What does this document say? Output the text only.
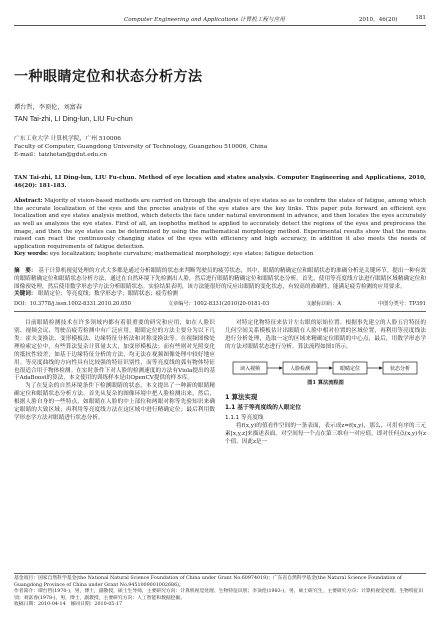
Computer Engineering and Applications 计算机工程与应用	2010，46(20)	181
一种眼睛定位和状态分析方法
谭台哲，李顶伦，刘富春
TAN Tai-zhi, LI Ding-lun, LIU Fu-chun

广东工业大学 计算机学院，广州 510006

Faculty of Computer, Guangdong University of Technology, Guangzhou 510006, China

E-mail：taizhetan@gdut.edu.cn

TAN Tai-zhi, LI Ding-lun, LIU Fu-chun. Method of eye location and states analysis. Computer Engineering and Applications, 2010, 46(20): 181-183.
Abstract: Majority of vision-based methods are carried on through the analysis of eye states so as to confirm the states of fatigue, among which the accurate localization of the eyes and the precise analysis of the eye states are the key links. This paper puts forward an efficient eye localization and eye states analysis method, which detects the face under natural environment in advance, and then locates the eyes accurately as well as analyzes the eye states. First of all, an isophoths method is applied to accurately detect the regions of the eyes and preprocess the image, and then the eye states can be determined by using the mathematical morphology method. Experimental results show that the means raised can react the continuously changing states of the eyes with efficiency and high accuracy, in addition it also meets the needs of application requirements of fatigue detection.
Key words: eye localization; isophote curvature; mathematical morphology; eye states; fatigue detection
摘　要： 基于计算机视觉处理的方式大多都是通过分析眼睛的状态来判断驾驶员的疲劳状态，其中，眼睛的精确定位和眼睛状态的准确分析是关键环节。提出一种有效的眼睛精确定位和眼睛状态分析方法，通过在自然环境下先检测出人脸，然后进行眼睛的精确定位和眼睛状态分析。首先，使用等亮度线方法进行眼睛区域精确定位和图像预处理，然后使用数学形态学方法分析眼睛状态。实验结果表明，该方法能很好的反应出眼睛的变化状态，有较高的准确性，能满足疲劳检测的应用要求。
关键词： 眼睛定位；等亮度线；数学形态学；眼睛状态；疲劳检测
DOI：10.3778/j.issn.1002-8331.2010.20.050	文章编号：1002-8331(2010)20-0181-03	文献标识码：A	中图分类号：TP391

目前眼睛检测技术在许多领域内都有着很重要的研究和应用，如在人脸识别、视频会议、驾驶员疲劳检测中有广泛应用。眼睛定位的方法主要分为以下几类：霍夫变换法、变形模板法、边缘特征分析法和对称变换法等。在视频图像处理检索定位中，有些算法复杂计算量太大，加变形模板法；而有些则对光照变化的抵抗性较差，如基于边缘特征分析的方法，均无法在视频图像处理中较好地应用。等亮度曲线的方向性具有比较强的特征识别性，而等亮度线的弧有物体特征也很适合用于物体检测。在实时条件下对人脸的检测速度的方法有Viola提出的基于AdaBoost的算法，本文使用的训练样本是由OpenCV提供的样本库。

为了在复杂的自然环境条件下检测眼睛的状态，本文提出了一种新的眼睛精确定位和眼睛状态分析方法。首先从复杂的图像环境中把人脸检测出来，然后，根据人脸自身的一些特点，如眼睛在人脸的中上部位和两眼对称等先验知识来确定眼睛的大致区域；再利用等亮度线方法在这区域中进行精确定位；最后利用数学形态学方法对眼睛进行状态分析。

对特定化物特征来估计左右眼的原始位置。根据事先建立的人脸五官特征的几何空间关系模板估计出眼睛在人脸中相对位置的区域位置，再利用等亮度线法进行分析处理，选取一定的区域来精确定位眼睛的中心点，最后，用数学形态学的方法对眼睛状态进行分析。算法流程如图1所示。

读入视频	人脸检测	眼睛定位	状态分析
图1 算法流程图
1 算法实现
1.1 基于等亮度线的人眼定位
1.1.1 等亮度线

将f(x,y)的值看作空间的一条表面，表示成z=f(x,y)，那么，可用有序的三元素[x,y,z]来描述表面。对空间每一个点在第三维有一对应值，即对任何点(x,y)有z个值，因此z是一

基金项目：国家自然科学基金(the National Natural Science Foundation of China under Grant No.60974019)；广东省自然科学基金(the Natural Science Foundation of Guangdong Province of China under Grant No.9451009001002686)。

作者简介：谭台哲(1970-)，男，博士，副教授，硕士生导师，主要研究方向：计算机视觉处理、生物特征识别；李顶伦(1983-)，男，硕士研究生，主要研究方向：计算机视觉处理、生物特征识别；刘富春(1978-)，男，博士，副教授，主要研究方向：人工智能和数据挖掘。

收稿日期：2010-04-14　修回日期：2010-05-17
